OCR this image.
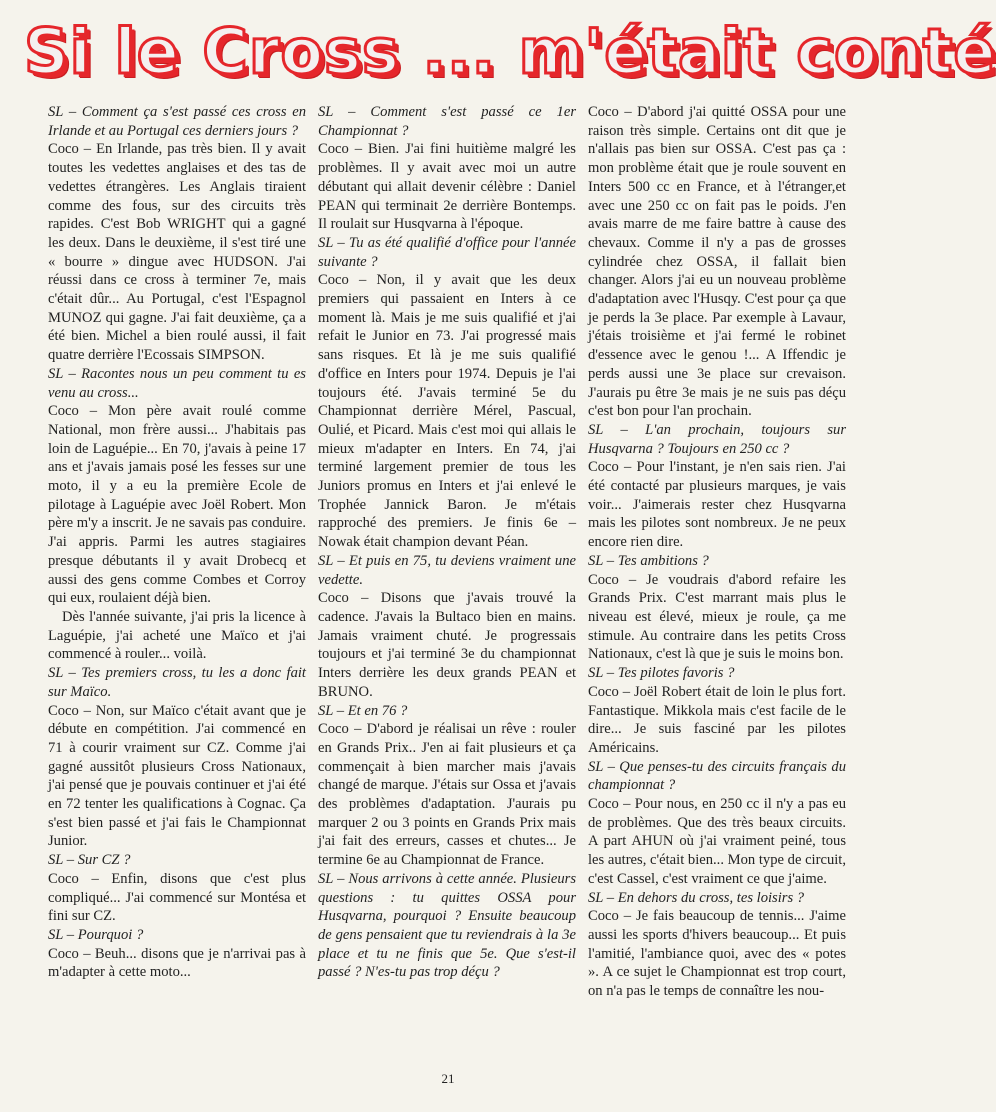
Si le Cross ... m'était conté

SL – Comment ça s'est passé ces cross en Irlande et au Portugal ces derniers jours ?

Coco – En Irlande, pas très bien. Il y avait toutes les vedettes anglaises et des tas de vedettes étrangères. Les Anglais tiraient comme des fous, sur des circuits très rapides. C'est Bob WRIGHT qui a gagné les deux. Dans le deuxième, il s'est tiré une « bourre » dingue avec HUDSON. J'ai réussi dans ce cross à terminer 7e, mais c'était dûr... Au Portugal, c'est l'Espagnol MUNOZ qui gagne. J'ai fait deuxième, ça a été bien. Michel a bien roulé aussi, il fait quatre derrière l'Ecossais SIMPSON.

SL – Racontes nous un peu comment tu es venu au cross...

Coco – Mon père avait roulé comme National, mon frère aussi... J'habitais pas loin de Laguépie... En 70, j'avais à peine 17 ans et j'avais jamais posé les fesses sur une moto, il y a eu la première Ecole de pilotage à Laguépie avec Joël Robert. Mon père m'y a inscrit. Je ne savais pas conduire. J'ai appris. Parmi les autres stagiaires presque débutants il y avait Drobecq et aussi des gens comme Combes et Corroy qui eux, roulaient déjà bien.

Dès l'année suivante, j'ai pris la licence à Laguépie, j'ai acheté une Maïco et j'ai commencé à rouler... voilà.

SL – Tes premiers cross, tu les a donc fait sur Maïco.

Coco – Non, sur Maïco c'était avant que je débute en compétition. J'ai commencé en 71 à courir vraiment sur CZ. Comme j'ai gagné aussitôt plusieurs Cross Nationaux, j'ai pensé que je pouvais continuer et j'ai été en 72 tenter les qualifications à Cognac. Ça s'est bien passé et j'ai fais le Championnat Junior.

SL – Sur CZ ?

Coco – Enfin, disons que c'est plus compliqué... J'ai commencé sur Montésa et fini sur CZ.

SL – Pourquoi ?

Coco – Beuh... disons que je n'arrivai pas à m'adapter à cette moto...

SL – Comment s'est passé ce 1er Championnat ?

Coco – Bien. J'ai fini huitième malgré les problèmes. Il y avait avec moi un autre débutant qui allait devenir célèbre : Daniel PEAN qui terminait 2e derrière Bontemps. Il roulait sur Husqvarna à l'époque.

SL – Tu as été qualifié d'office pour l'année suivante ?

Coco – Non, il y avait que les deux premiers qui passaient en Inters à ce moment là. Mais je me suis qualifié et j'ai refait le Junior en 73. J'ai progressé mais sans risques. Et là je me suis qualifié d'office en Inters pour 1974. Depuis je l'ai toujours été. J'avais terminé 5e du Championnat derrière Mérel, Pascual, Oulié, et Picard. Mais c'est moi qui allais le mieux m'adapter en Inters. En 74, j'ai terminé largement premier de tous les Juniors promus en Inters et j'ai enlevé le Trophée Jannick Baron. Je m'étais rapproché des premiers. Je finis 6e – Nowak était champion devant Péan.

SL – Et puis en 75, tu deviens vraiment une vedette.

Coco – Disons que j'avais trouvé la cadence. J'avais la Bultaco bien en mains. Jamais vraiment chuté. Je progressais toujours et j'ai terminé 3e du championnat Inters derrière les deux grands PEAN et BRUNO.

SL – Et en 76 ?

Coco – D'abord je réalisai un rêve : rouler en Grands Prix.. J'en ai fait plusieurs et ça commençait à bien marcher mais j'avais changé de marque. J'étais sur Ossa et j'avais des problèmes d'adaptation. J'aurais pu marquer 2 ou 3 points en Grands Prix mais j'ai fait des erreurs, casses et chutes... Je termine 6e au Championnat de France.

SL – Nous arrivons à cette année. Plusieurs questions : tu quittes OSSA pour Husqvarna, pourquoi ? Ensuite beaucoup de gens pensaient que tu reviendrais à la 3e place et tu ne finis que 5e. Que s'est-il passé ? N'es-tu pas trop déçu ?

Coco – D'abord j'ai quitté OSSA pour une raison très simple. Certains ont dit que je n'allais pas bien sur OSSA. C'est pas ça : mon problème était que je roule souvent en Inters 500 cc en France, et à l'étranger,et avec une 250 cc on fait pas le poids. J'en avais marre de me faire battre à cause des chevaux. Comme il n'y a pas de grosses cylindrée chez OSSA, il fallait bien changer. Alors j'ai eu un nouveau problème d'adaptation avec l'Husqy. C'est pour ça que je perds la 3e place. Par exemple à Lavaur, j'étais troisième et j'ai fermé le robinet d'essence avec le genou !... A Iffendic je perds aussi une 3e place sur crevaison. J'aurais pu être 3e mais je ne suis pas déçu c'est bon pour l'an prochain.

SL – L'an prochain, toujours sur Husqvarna ? Toujours en 250 cc ?

Coco – Pour l'instant, je n'en sais rien. J'ai été contacté par plusieurs marques, je vais voir... J'aimerais rester chez Husqvarna mais les pilotes sont nombreux. Je ne peux encore rien dire.

SL – Tes ambitions ?

Coco – Je voudrais d'abord refaire les Grands Prix. C'est marrant mais plus le niveau est élevé, mieux je roule, ça me stimule. Au contraire dans les petits Cross Nationaux, c'est là que je suis le moins bon.

SL – Tes pilotes favoris ?

Coco – Joël Robert était de loin le plus fort. Fantastique. Mikkola mais c'est facile de le dire... Je suis fasciné par les pilotes Américains.

SL – Que penses-tu des circuits français du championnat ?

Coco – Pour nous, en 250 cc il n'y a pas eu de problèmes. Que des très beaux circuits. A part AHUN où j'ai vraiment peiné, tous les autres, c'était bien... Mon type de circuit, c'est Cassel, c'est vraiment ce que j'aime.

SL – En dehors du cross, tes loisirs ?

Coco – Je fais beaucoup de tennis... J'aime aussi les sports d'hivers beaucoup... Et puis l'amitié, l'ambiance quoi, avec des « potes ». A ce sujet le Championnat est trop court, on n'a pas le temps de connaître les nou-

21
